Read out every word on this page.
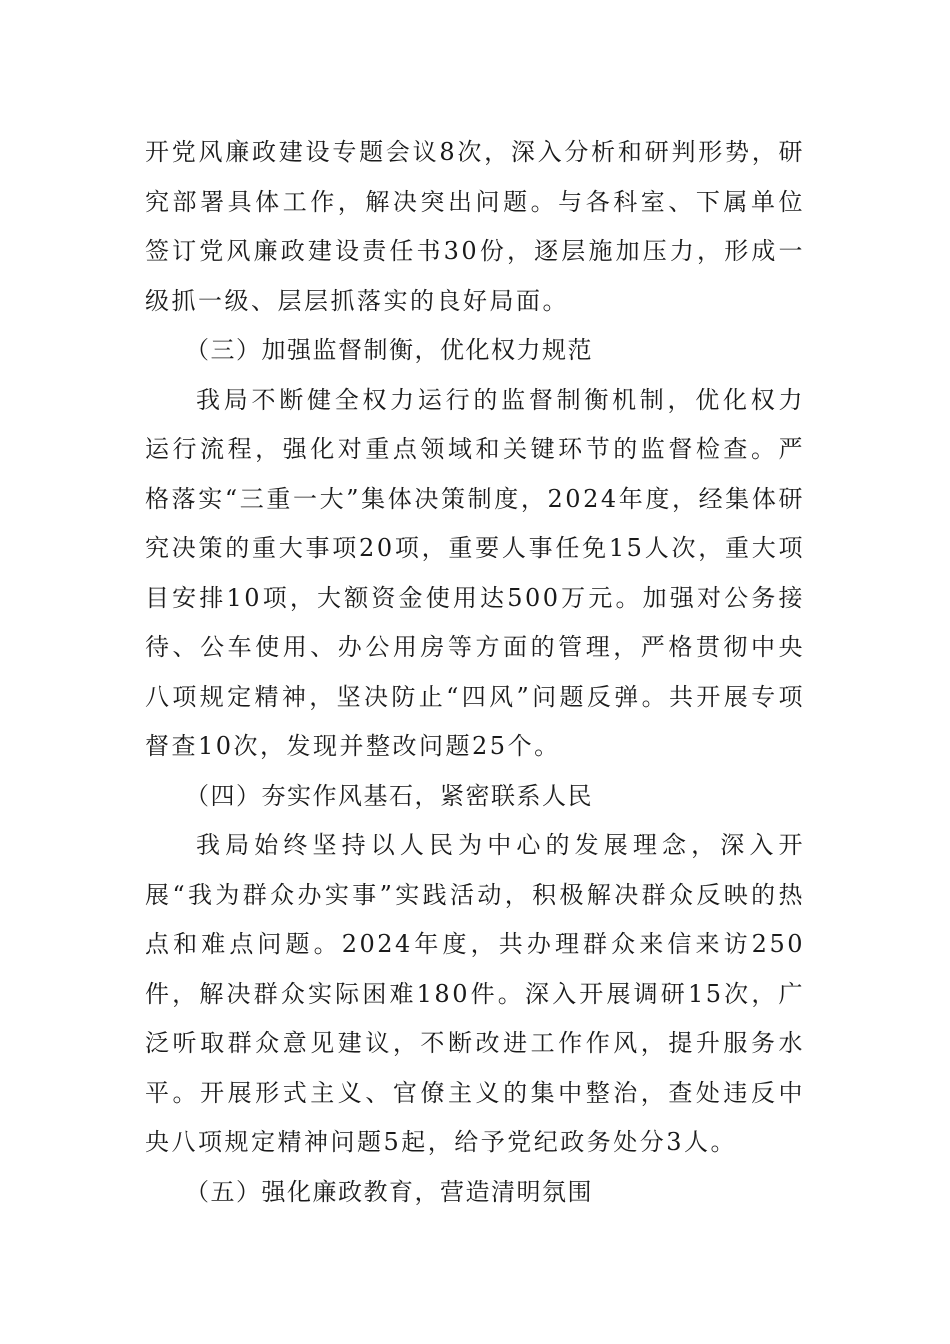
开党风廉政建设专题会议8次，深入分析和研判形势，研究部署具体工作，解决突出问题。与各科室、下属单位签订党风廉政建设责任书30份，逐层施加压力，形成一级抓一级、层层抓落实的良好局面。

（三）加强监督制衡，优化权力规范

我局不断健全权力运行的监督制衡机制，优化权力运行流程，强化对重点领域和关键环节的监督检查。严格落实“三重一大”集体决策制度，2024年度，经集体研究决策的重大事项20项，重要人事任免15人次，重大项目安排10项，大额资金使用达500万元。加强对公务接待、公车使用、办公用房等方面的管理，严格贯彻中央八项规定精神，坚决防止“四风”问题反弹。共开展专项督查10次，发现并整改问题25个。

（四）夯实作风基石，紧密联系人民

我局始终坚持以人民为中心的发展理念，深入开展“我为群众办实事”实践活动，积极解决群众反映的热点和难点问题。2024年度，共办理群众来信来访250件，解决群众实际困难180件。深入开展调研15次，广泛听取群众意见建议，不断改进工作作风，提升服务水平。开展形式主义、官僚主义的集中整治，查处违反中央八项规定精神问题5起，给予党纪政务处分3人。

（五）强化廉政教育，营造清明氛围
